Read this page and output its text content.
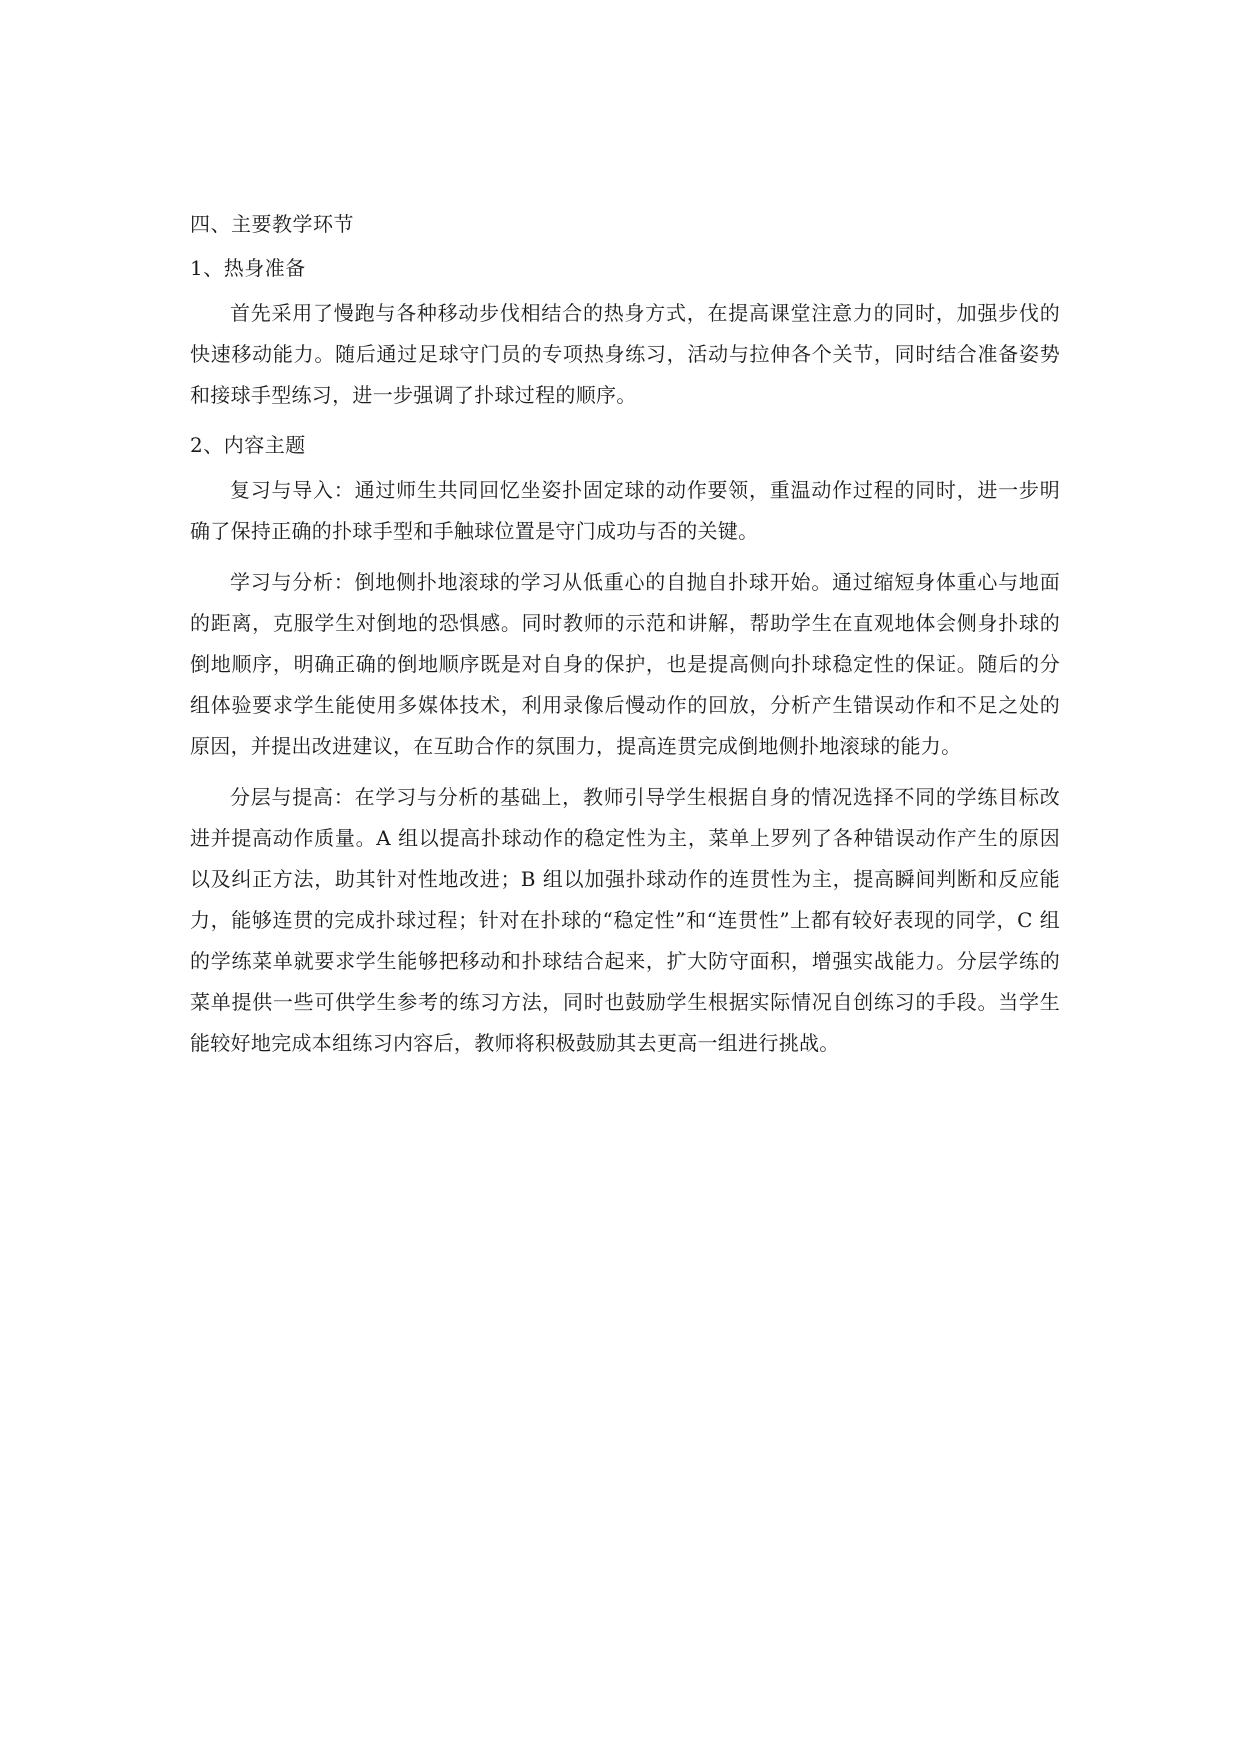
四、主要教学环节
1、热身准备

首先采用了慢跑与各种移动步伐相结合的热身方式，在提高课堂注意力的同时，加强步伐的快速移动能力。随后通过足球守门员的专项热身练习，活动与拉伸各个关节，同时结合准备姿势和接球手型练习，进一步强调了扑球过程的顺序。

2、内容主题

复习与导入：通过师生共同回忆坐姿扑固定球的动作要领，重温动作过程的同时，进一步明确了保持正确的扑球手型和手触球位置是守门成功与否的关键。

学习与分析：倒地侧扑地滚球的学习从低重心的自抛自扑球开始。通过缩短身体重心与地面的距离，克服学生对倒地的恐惧感。同时教师的示范和讲解，帮助学生在直观地体会侧身扑球的倒地顺序，明确正确的倒地顺序既是对自身的保护，也是提高侧向扑球稳定性的保证。随后的分组体验要求学生能使用多媒体技术，利用录像后慢动作的回放，分析产生错误动作和不足之处的原因，并提出改进建议，在互助合作的氛围力，提高连贯完成倒地侧扑地滚球的能力。

分层与提高：在学习与分析的基础上，教师引导学生根据自身的情况选择不同的学练目标改进并提高动作质量。A 组以提高扑球动作的稳定性为主，菜单上罗列了各种错误动作产生的原因以及纠正方法，助其针对性地改进；B 组以加强扑球动作的连贯性为主，提高瞬间判断和反应能力，能够连贯的完成扑球过程；针对在扑球的“稳定性”和“连贯性”上都有较好表现的同学，C 组的学练菜单就要求学生能够把移动和扑球结合起来，扩大防守面积，增强实战能力。分层学练的菜单提供一些可供学生参考的练习方法，同时也鼓励学生根据实际情况自创练习的手段。当学生能较好地完成本组练习内容后，教师将积极鼓励其去更高一组进行挑战。
